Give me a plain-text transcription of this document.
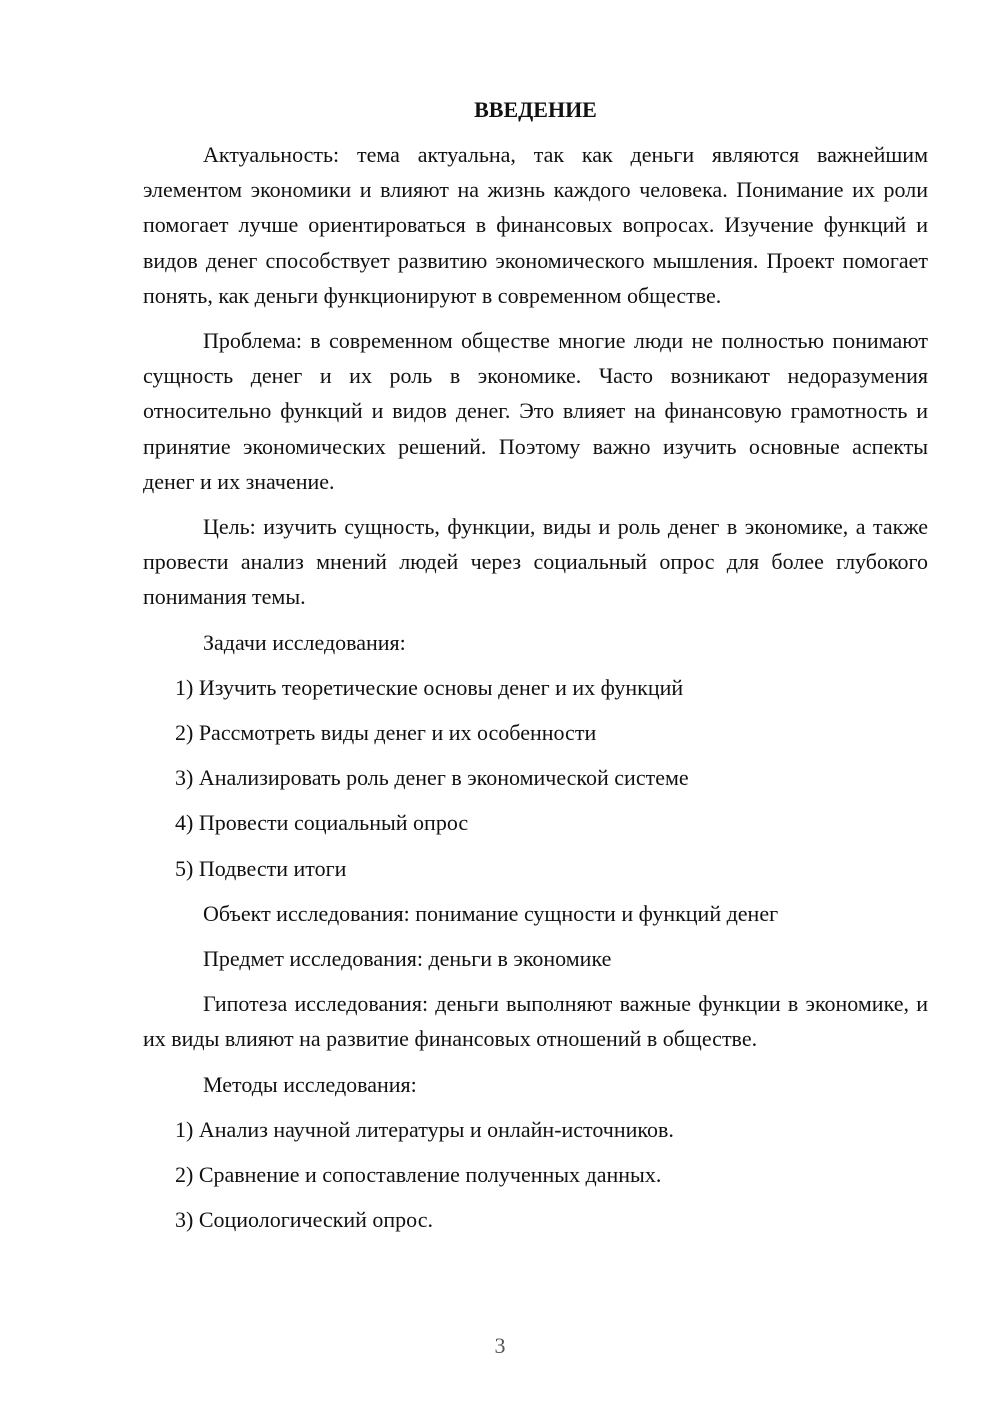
ВВЕДЕНИЕ

Актуальность: тема актуальна, так как деньги являются важнейшим элементом экономики и влияют на жизнь каждого человека. Понимание их роли помогает лучше ориентироваться в финансовых вопросах. Изучение функций и видов денег способствует развитию экономического мышления. Проект помогает понять, как деньги функционируют в современном обществе.

Проблема: в современном обществе многие люди не полностью понимают сущность денег и их роль в экономике. Часто возникают недоразумения относительно функций и видов денег. Это влияет на финансовую грамотность и принятие экономических решений. Поэтому важно изучить основные аспекты денег и их значение.

Цель: изучить сущность, функции, виды и роль денег в экономике, а также провести анализ мнений людей через социальный опрос для более глубокого понимания темы.

Задачи исследования:
1) Изучить теоретические основы денег и их функций
2) Рассмотреть виды денег и их особенности
3) Анализировать роль денег в экономической системе
4) Провести социальный опрос
5) Подвести итоги
Объект исследования: понимание сущности и функций денег
Предмет исследования: деньги в экономике

Гипотеза исследования: деньги выполняют важные функции в экономике, и их виды влияют на развитие финансовых отношений в обществе.

Методы исследования:
1) Анализ научной литературы и онлайн-источников.
2) Сравнение и сопоставление полученных данных.
3) Социологический опрос.
3
